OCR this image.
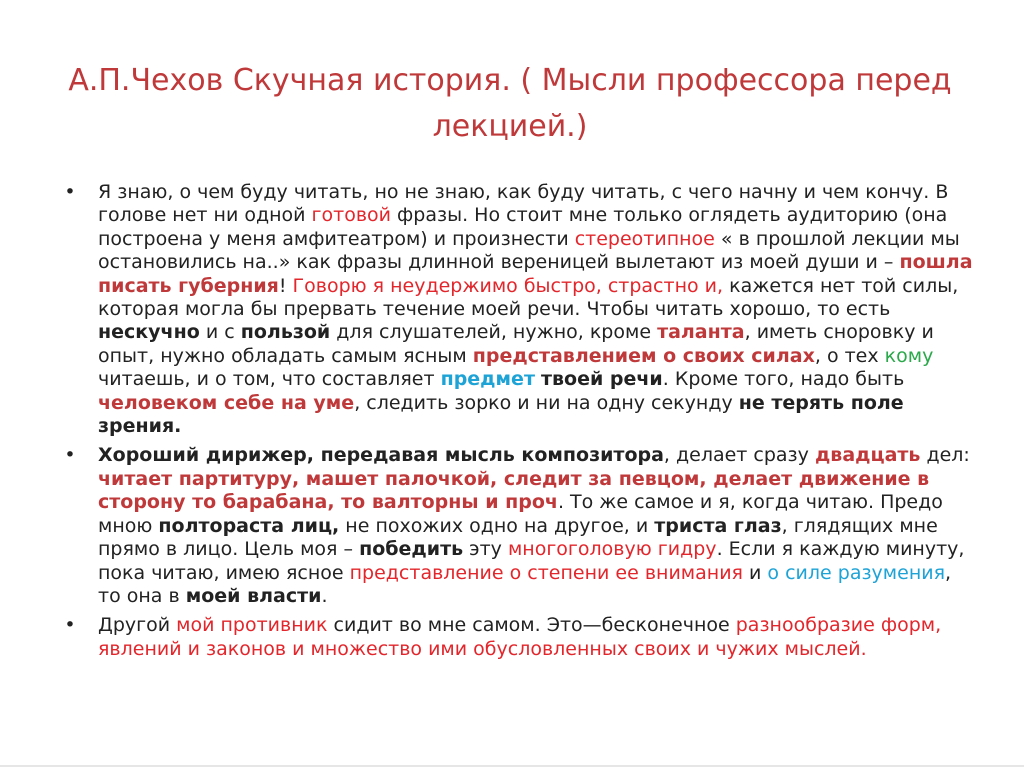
А.П.Чехов Скучная история. ( Мысли профессора перед лекцией.)
• Я знаю, о чем буду читать, но не знаю, как буду читать, с чего начну и чем кончу. В голове нет ни одной готовой фразы. Но стоит мне только оглядеть аудиторию (она построена у меня амфитеатром) и произнести стереотипное « в прошлой лекции мы остановились на..» как фразы длинной вереницей вылетают из моей души и – пошла писать губерния! Говорю я неудержимо быстро, страстно и, кажется нет той силы, которая могла бы прервать течение моей речи. Чтобы читать хорошо, то есть нескучно и с пользой для слушателей, нужно, кроме таланта, иметь сноровку и опыт, нужно обладать самым ясным представлением о своих силах, о тех кому читаешь, и о том, что составляет предмет твоей речи. Кроме того, надо быть человеком себе на уме, следить зорко и ни на одну секунду не терять поле зрения.
• Хороший дирижер, передавая мысль композитора, делает сразу двадцать дел: читает партитуру, машет палочкой, следит за певцом, делает движение в сторону то барабана, то валторны и проч. То же самое и я, когда читаю. Предо мною полтораста лиц, не похожих одно на другое, и триста глаз, глядящих мне прямо в лицо. Цель моя – победить эту многоголовую гидру. Если я каждую минуту, пока читаю, имею ясное представление о степени ее внимания и о силе разумения, то она в моей власти.
• Другой мой противник сидит во мне самом. Это—бесконечное разнообразие форм, явлений и законов и множество ими обусловленных своих и чужих мыслей.
